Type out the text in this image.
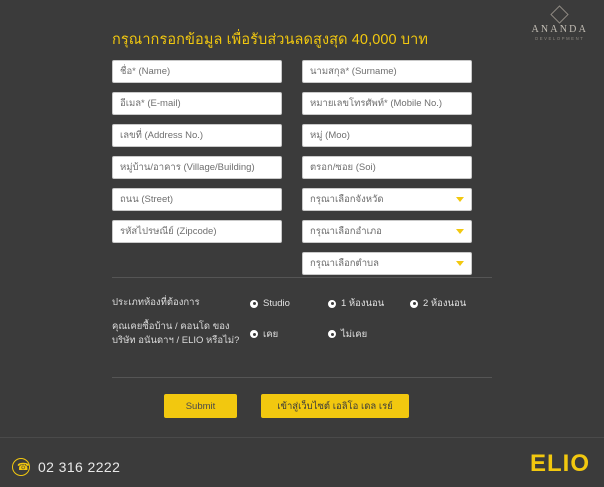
ANANDA
DEVELOPMENT
กรุณากรอกข้อมูล เพื่อรับส่วนลดสูงสุด 40,000 บาท
ชื่อ* (Name)
นามสกุล* (Surname)
อีเมล* (E-mail)
หมายเลขโทรศัพท์* (Mobile No.)
เลขที่ (Address No.)
หมู่ (Moo)
หมู่บ้าน/อาคาร (Village/Building)
ตรอก/ซอย (Soi)
ถนน (Street)
กรุณาเลือกจังหวัด
รหัสไปรษณีย์ (Zipcode)
กรุณาเลือกอำเภอ
กรุณาเลือกตำบล
ประเภทห้องที่ต้องการ	Studio	1 ห้องนอน	2 ห้องนอน
คุณเคยซื้อบ้าน / คอนโด ของบริษัท อนันดาฯ / ELIO หรือไม่?
เคย	ไม่เคย
Submit	เข้าสู่เว็บไซต์ เอลิโอ เดล เรย์
☎ 02 316 2222	ELIO
